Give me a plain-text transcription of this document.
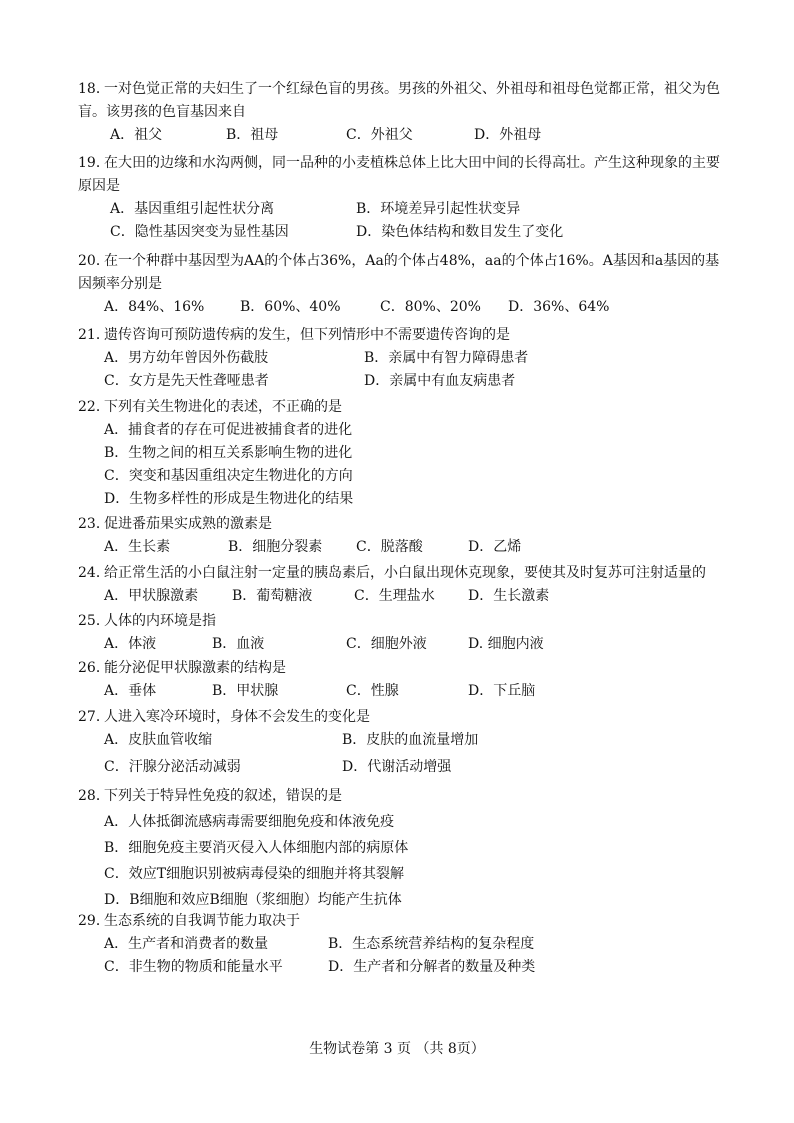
18．一对色觉正常的夫妇生了一个红绿色盲的男孩。男孩的外祖父、外祖母和祖母色觉都正常，祖父为色盲。该男孩的色盲基因来自
A．祖父	B．祖母	C．外祖父	D．外祖母
19．在大田的边缘和水沟两侧，同一品种的小麦植株总体上比大田中间的长得高壮。产生这种现象的主要原因是
A．基因重组引起性状分离	B．环境差异引起性状变异
C．隐性基因突变为显性基因	D．染色体结构和数目发生了变化
20．在一个种群中基因型为AA的个体占36%，Aa的个体占48%，aa的个体占16%。A基因和a基因的基因频率分别是
A．84%、16%	B．60%、40%	C．80%、20% D．36%、64%
21．遗传咨询可预防遗传病的发生，但下列情形中不需要遗传咨询的是
A．男方幼年曾因外伤截肢	B．亲属中有智力障碍患者
C．女方是先天性聋哑患者	D．亲属中有血友病患者
22．下列有关生物进化的表述，不正确的是
A．捕食者的存在可促进被捕食者的进化
B．生物之间的相互关系影响生物的进化
C．突变和基因重组决定生物进化的方向
D．生物多样性的形成是生物进化的结果
23．促进番茄果实成熟的激素是
A．生长素	B．细胞分裂素 C．脱落酸	D．乙烯
24．给正常生活的小白鼠注射一定量的胰岛素后，小白鼠出现休克现象，要使其及时复苏可注射适量的
A．甲状腺激素 B．葡萄糖液	C．生理盐水 D．生长激素
25．人体的内环境是指
A．体液	B．血液	C．细胞外液	D. 细胞内液
26．能分泌促甲状腺激素的结构是
A．垂体	B．甲状腺	C．性腺	D．下丘脑
27．人进入寒冷环境时，身体不会发生的变化是
A．皮肤血管收缩	B．皮肤的血流量增加
C．汗腺分泌活动减弱	D．代谢活动增强
28．下列关于特异性免疫的叙述，错误的是
A．人体抵御流感病毒需要细胞免疫和体液免疫
B．细胞免疫主要消灭侵入人体细胞内部的病原体
C．效应T细胞识别被病毒侵染的细胞并将其裂解
D．B细胞和效应B细胞（浆细胞）均能产生抗体
29．生态系统的自我调节能力取决于
A．生产者和消费者的数量	B．生态系统营养结构的复杂程度
C．非生物的物质和能量水平	D．生产者和分解者的数量及种类
生物试卷第 3 页 （共 8页）
